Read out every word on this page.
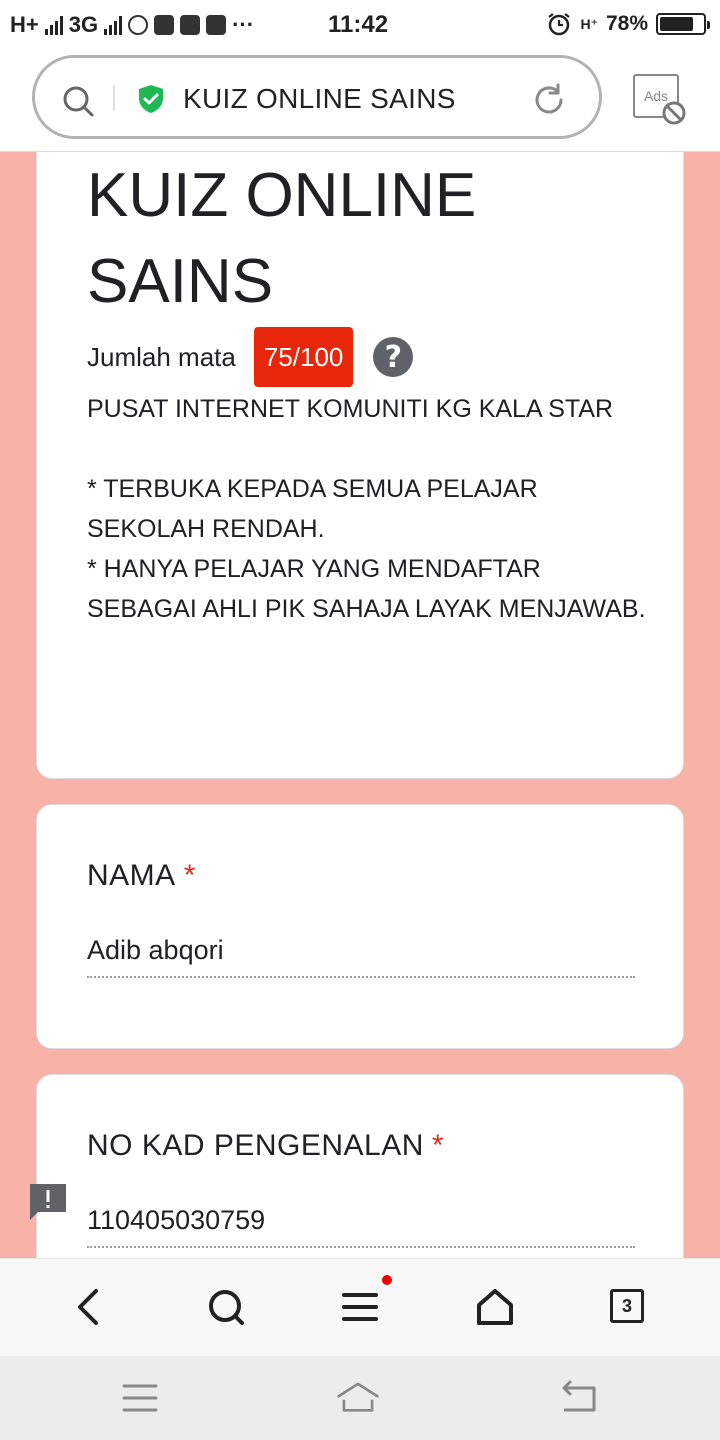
H+ 3G	···	11:42	H⁺ 78%
KUIZ ONLINE SAINS	Ads
KUIZ ONLINE SAINS
Jumlah mata	75/100	?

PUSAT INTERNET KOMUNITI KG KALA STAR

* TERBUKA KEPADA SEMUA PELAJAR SEKOLAH RENDAH.

* HANYA PELAJAR YANG MENDAFTAR SEBAGAI AHLI PIK SAHAJA LAYAK MENJAWAB.

NAMA *
Adib abqori
NO KAD PENGENALAN *
110405030759
3
